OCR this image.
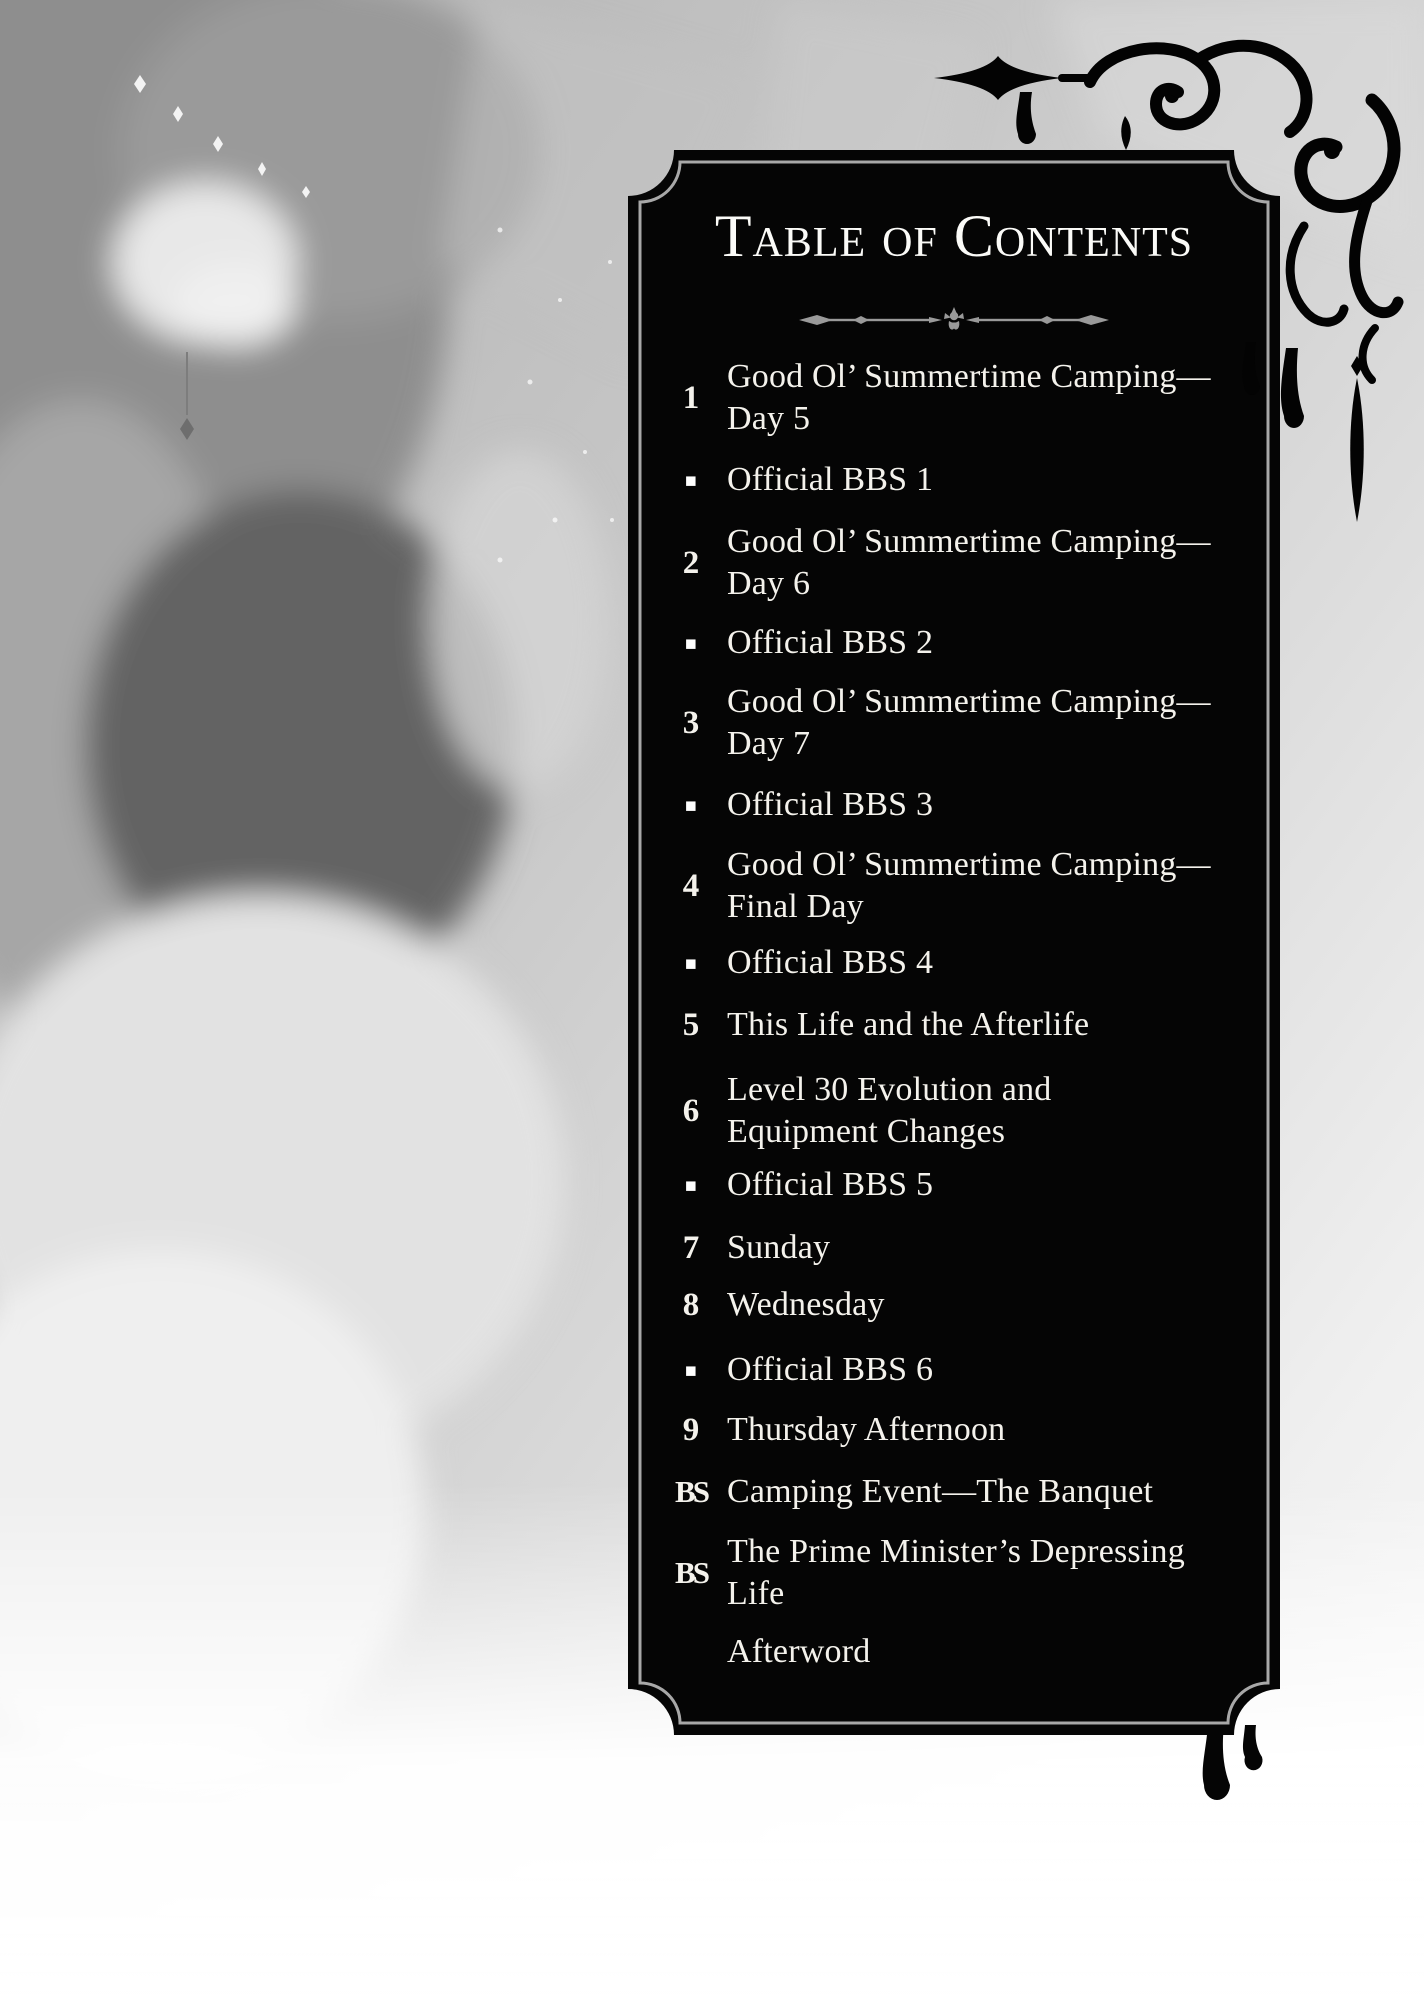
Table of Contents
1
Good Ol’ Summertime Camping—
Day 5
▪ Official BBS 1
2
Good Ol’ Summertime Camping—
Day 6
▪ Official BBS 2
3
Good Ol’ Summertime Camping—
Day 7
▪ Official BBS 3
4
Good Ol’ Summertime Camping—
Final Day
▪ Official BBS 4
5 This Life and the Afterlife
6
Level 30 Evolution and
Equipment Changes
▪ Official BBS 5
7 Sunday
8 Wednesday
▪ Official BBS 6
9 Thursday Afternoon
BS Camping Event—The Banquet
BS
The Prime Minister’s Depressing
Life
Afterword
